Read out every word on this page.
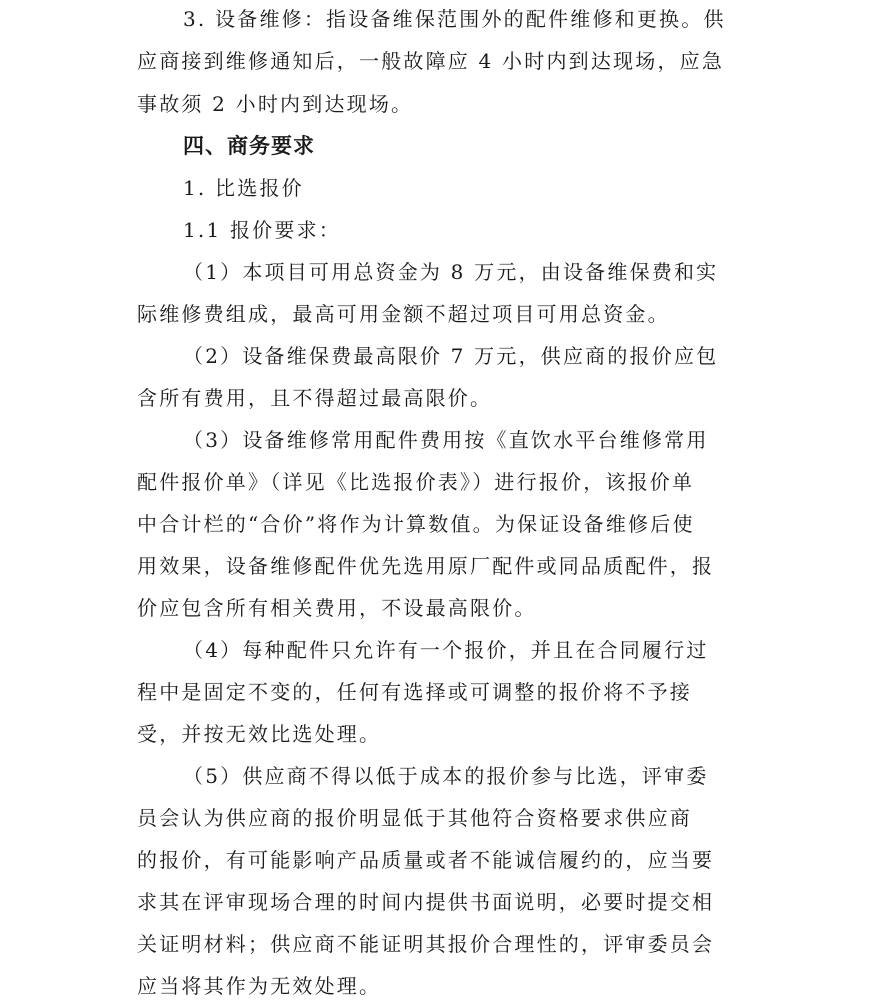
3. 设备维修：指设备维保范围外的配件维修和更换。供
应商接到维修通知后，一般故障应 4 小时内到达现场，应急
事故须 2 小时内到达现场。
四、商务要求
1. 比选报价
1.1 报价要求：
（1）本项目可用总资金为 8 万元，由设备维保费和实
际维修费组成，最高可用金额不超过项目可用总资金。
（2）设备维保费最高限价 7 万元，供应商的报价应包
含所有费用，且不得超过最高限价。
（3）设备维修常用配件费用按《直饮水平台维修常用
配件报价单》（详见《比选报价表》）进行报价，该报价单
中合计栏的“合价”将作为计算数值。为保证设备维修后使
用效果，设备维修配件优先选用原厂配件或同品质配件，报
价应包含所有相关费用，不设最高限价。
（4）每种配件只允许有一个报价，并且在合同履行过
程中是固定不变的，任何有选择或可调整的报价将不予接
受，并按无效比选处理。
（5）供应商不得以低于成本的报价参与比选，评审委
员会认为供应商的报价明显低于其他符合资格要求供应商
的报价，有可能影响产品质量或者不能诚信履约的，应当要
求其在评审现场合理的时间内提供书面说明，必要时提交相
关证明材料；供应商不能证明其报价合理性的，评审委员会
应当将其作为无效处理。
